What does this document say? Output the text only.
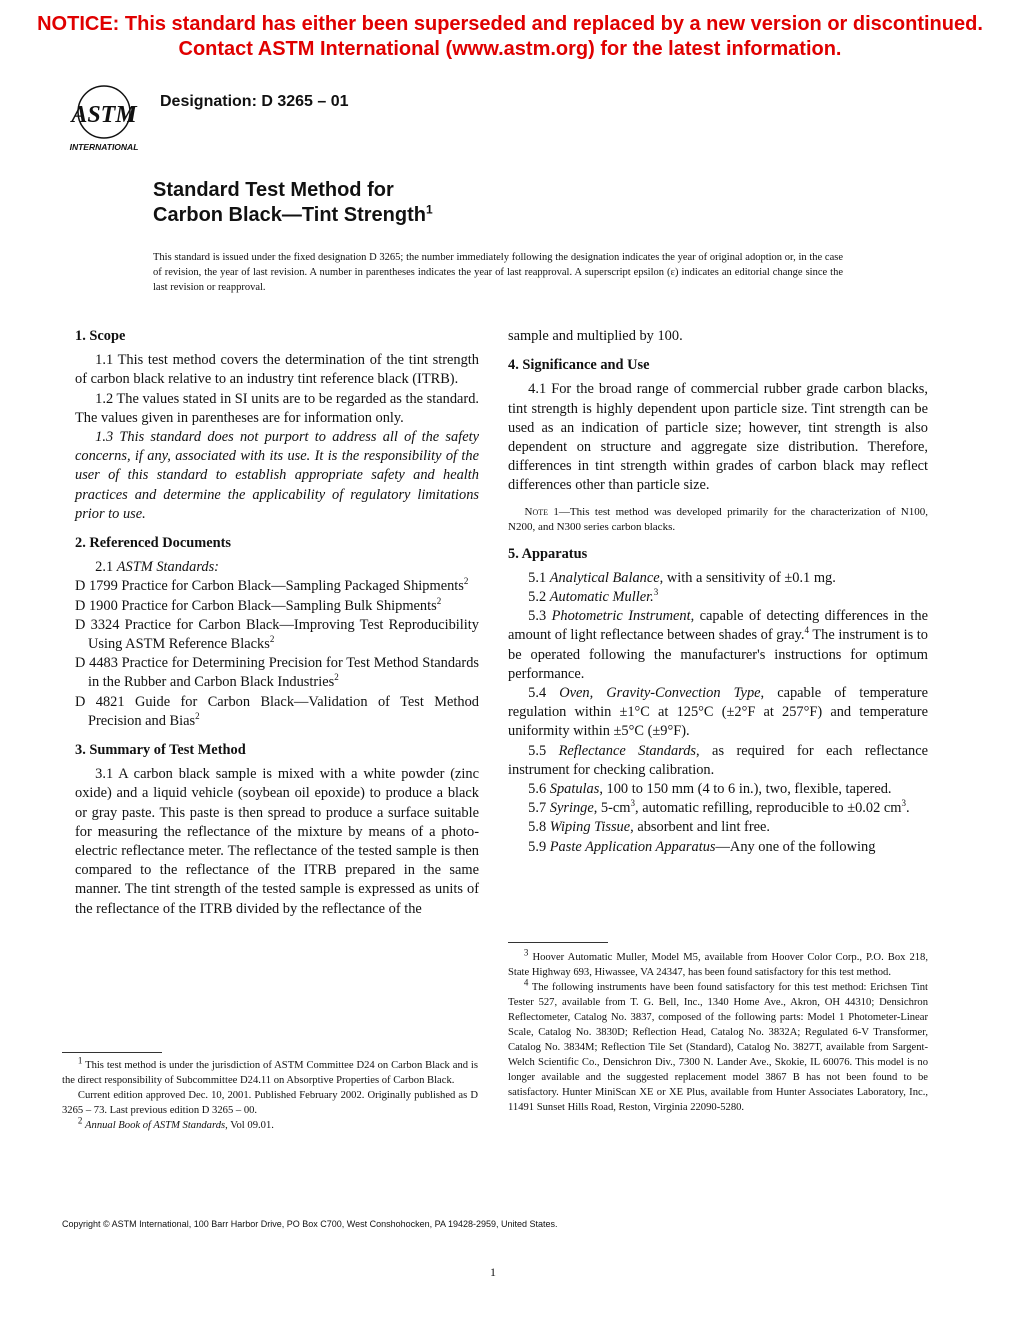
NOTICE: This standard has either been superseded and replaced by a new version or discontinued.
Contact ASTM International (www.astm.org) for the latest information.
ASTM
INTERNATIONAL
Designation: D 3265 – 01
Standard Test Method for
Carbon Black—Tint Strength$^1$
This standard is issued under the fixed designation D 3265; the number immediately following the designation indicates the year of original adoption or, in the case of revision, the year of last revision. A number in parentheses indicates the year of last reapproval. A superscript epsilon (ε) indicates an editorial change since the last revision or reapproval.
1. Scope

1.1 This test method covers the determination of the tint strength of carbon black relative to an industry tint reference black (ITRB).

1.2 The values stated in SI units are to be regarded as the standard. The values given in parentheses are for information only.

1.3 This standard does not purport to address all of the safety concerns, if any, associated with its use. It is the responsibility of the user of this standard to establish appropriate safety and health practices and determine the applicability of regulatory limitations prior to use.

2. Referenced Documents

2.1 ASTM Standards:

D 1799 Practice for Carbon Black—Sampling Packaged Shipments$^2$

D 1900 Practice for Carbon Black—Sampling Bulk Shipments$^2$

D 3324 Practice for Carbon Black—Improving Test Reproducibility Using ASTM Reference Blacks$^2$

D 4483 Practice for Determining Precision for Test Method Standards in the Rubber and Carbon Black Industries$^2$

D 4821 Guide for Carbon Black—Validation of Test Method Precision and Bias$^2$

3. Summary of Test Method

3.1 A carbon black sample is mixed with a white powder (zinc oxide) and a liquid vehicle (soybean oil epoxide) to produce a black or gray paste. This paste is then spread to produce a surface suitable for measuring the reflectance of the mixture by means of a photo-electric reflectance meter. The reflectance of the tested sample is then compared to the reflectance of the ITRB prepared in the same manner. The tint strength of the tested sample is expressed as units of the reflectance of the ITRB divided by the reflectance of the

$^1$ This test method is under the jurisdiction of ASTM Committee D24 on Carbon Black and is the direct responsibility of Subcommittee D24.11 on Absorptive Properties of Carbon Black.

Current edition approved Dec. 10, 2001. Published February 2002. Originally published as D 3265 – 73. Last previous edition D 3265 – 00.

$^2$ Annual Book of ASTM Standards, Vol 09.01.

sample and multiplied by 100.

4. Significance and Use

4.1 For the broad range of commercial rubber grade carbon blacks, tint strength is highly dependent upon particle size. Tint strength can be used as an indication of particle size; however, tint strength is also dependent on structure and aggregate size distribution. Therefore, differences in tint strength within grades of carbon black may reflect differences other than particle size.

Note 1—This test method was developed primarily for the characterization of N100, N200, and N300 series carbon blacks.

5. Apparatus

5.1 Analytical Balance, with a sensitivity of ±0.1 mg.

5.2 Automatic Muller.$^3$

5.3 Photometric Instrument, capable of detecting differences in the amount of light reflectance between shades of gray.$^4$ The instrument is to be operated following the manufacturer's instructions for optimum performance.

5.4 Oven, Gravity-Convection Type, capable of temperature regulation within ±1°C at 125°C (±2°F at 257°F) and temperature uniformity within ±5°C (±9°F).

5.5 Reflectance Standards, as required for each reflectance instrument for checking calibration.

5.6 Spatulas, 100 to 150 mm (4 to 6 in.), two, flexible, tapered.

5.7 Syringe, $5-cm^3$, automatic refilling, reproducible to ±0.02 $cm^3$.

5.8 Wiping Tissue, absorbent and lint free.

5.9 Paste Application Apparatus—Any one of the following

$^3$ Hoover Automatic Muller, Model M5, available from Hoover Color Corp., P.O. Box 218, State Highway 693, Hiwassee, VA 24347, has been found satisfactory for this test method.

$^4$ The following instruments have been found satisfactory for this test method: Erichsen Tint Tester 527, available from T. G. Bell, Inc., 1340 Home Ave., Akron, OH 44310; Densichron Reflectometer, Catalog No. 3837, composed of the following parts: Model 1 Photometer-Linear Scale, Catalog No. 3830D; Reflection Head, Catalog No. 3832A; Regulated 6-V Transformer, Catalog No. 3834M; Reflection Tile Set (Standard), Catalog No. 3827T, available from Sargent-Welch Scientific Co., Densichron Div., 7300 N. Lander Ave., Skokie, IL 60076. This model is no longer available and the suggested replacement model 3867 B has not been found to be satisfactory. Hunter MiniScan XE or XE Plus, available from Hunter Associates Laboratory, Inc., 11491 Sunset Hills Road, Reston, Virginia 22090-5280.

Copyright © ASTM International, 100 Barr Harbor Drive, PO Box C700, West Conshohocken, PA 19428-2959, United States.
1
